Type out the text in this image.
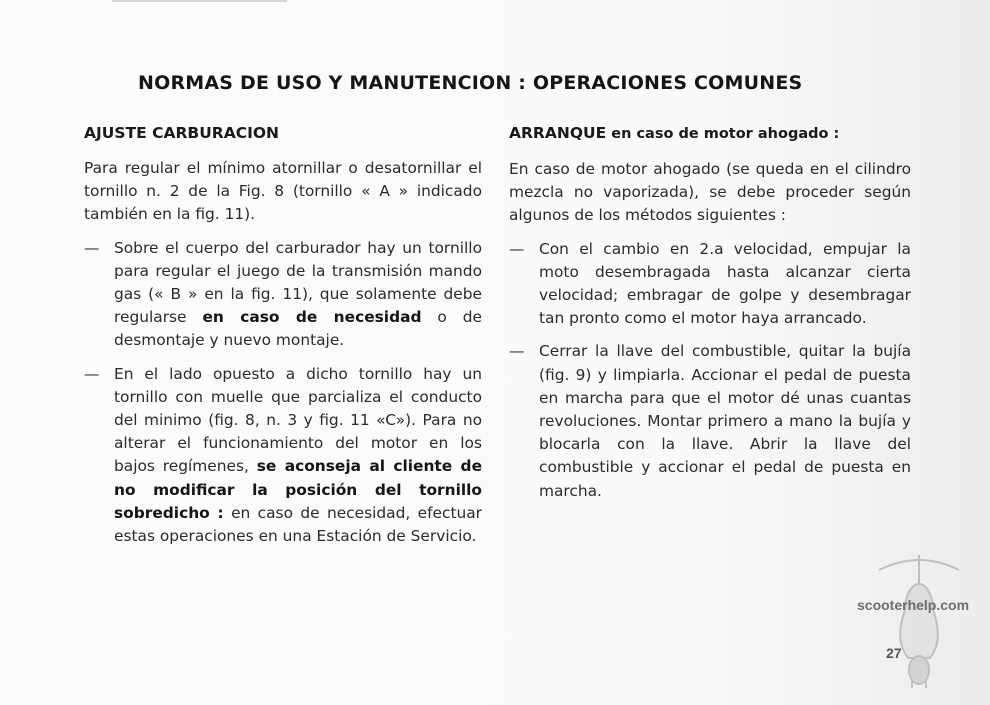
NORMAS DE USO Y MANUTENCION : OPERACIONES COMUNES
AJUSTE CARBURACION

Para regular el mínimo atornillar o desatornillar el tornillo n. 2 de la Fig. 8 (tornillo « A » indicado también en la fig. 11).

— Sobre el cuerpo del carburador hay un tornillo para regular el juego de la transmisión mando gas (« B » en la fig. 11), que solamente debe regularse en caso de necesidad o de desmontaje y nuevo montaje.
— En el lado opuesto a dicho tornillo hay un tornillo con muelle que parcializa el conducto del minimo (fig. 8, n. 3 y fig. 11 «C»). Para no alterar el funcionamiento del motor en los bajos regímenes, se aconseja al cliente de no modificar la posición del tornillo sobredicho : en caso de necesidad, efectuar estas operaciones en una Estación de Servicio.
ARRANQUE en caso de motor ahogado :

En caso de motor ahogado (se queda en el cilindro mezcla no vaporizada), se debe proceder según algunos de los métodos siguientes :

— Con el cambio en 2.a velocidad, empujar la moto desembragada hasta alcanzar cierta velocidad; embragar de golpe y desembragar tan pronto como el motor haya arrancado.
— Cerrar la llave del combustible, quitar la bujía (fig. 9) y limpiarla. Accionar el pedal de puesta en marcha para que el motor dé unas cuantas revoluciones. Montar primero a mano la bujía y blocarla con la llave. Abrir la llave del combustible y accionar el pedal de puesta en marcha.
scooterhelp.com
27
